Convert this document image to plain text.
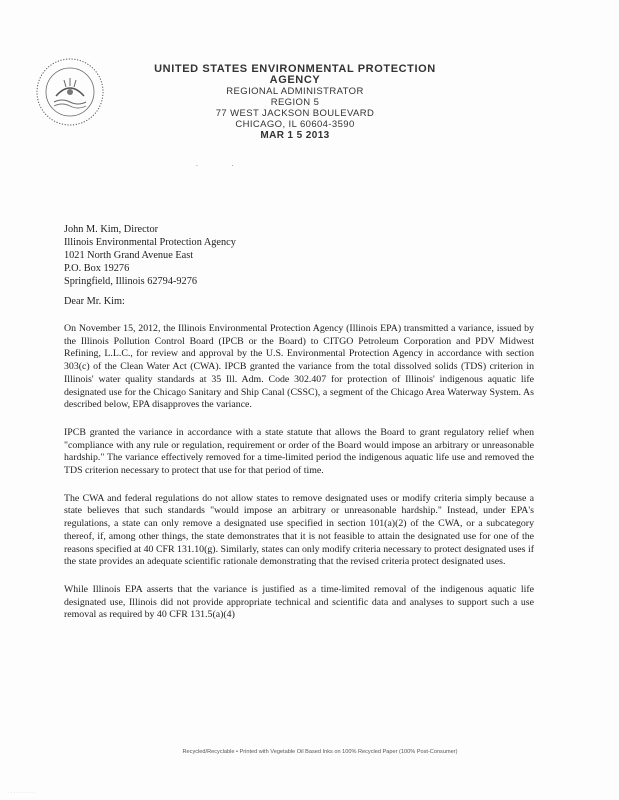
UNITED STATES ENVIRONMENTAL PROTECTION AGENCY
REGIONAL ADMINISTRATOR
REGION 5
77 WEST JACKSON BOULEVARD
CHICAGO, IL 60604-3590
MAR 1 5 2013
.	.
John M. Kim, Director
Illinois Environmental Protection Agency
1021 North Grand Avenue East
P.O. Box 19276
Springfield, Illinois 62794-9276
Dear Mr. Kim:

On November 15, 2012, the Illinois Environmental Protection Agency (Illinois EPA) transmitted a variance, issued by the Illinois Pollution Control Board (IPCB or the Board) to CITGO Petroleum Corporation and PDV Midwest Refining, L.L.C., for review and approval by the U.S. Environmental Protection Agency in accordance with section 303(c) of the Clean Water Act (CWA). IPCB granted the variance from the total dissolved solids (TDS) criterion in Illinois' water quality standards at 35 Ill. Adm. Code 302.407 for protection of Illinois' indigenous aquatic life designated use for the Chicago Sanitary and Ship Canal (CSSC), a segment of the Chicago Area Waterway System. As described below, EPA disapproves the variance.

IPCB granted the variance in accordance with a state statute that allows the Board to grant regulatory relief when "compliance with any rule or regulation, requirement or order of the Board would impose an arbitrary or unreasonable hardship." The variance effectively removed for a time-limited period the indigenous aquatic life use and removed the TDS criterion necessary to protect that use for that period of time.

The CWA and federal regulations do not allow states to remove designated uses or modify criteria simply because a state believes that such standards "would impose an arbitrary or unreasonable hardship." Instead, under EPA's regulations, a state can only remove a designated use specified in section 101(a)(2) of the CWA, or a subcategory thereof, if, among other things, the state demonstrates that it is not feasible to attain the designated use for one of the reasons specified at 40 CFR 131.10(g). Similarly, states can only modify criteria necessary to protect designated uses if the state provides an adequate scientific rationale demonstrating that the revised criteria protect designated uses.

While Illinois EPA asserts that the variance is justified as a time-limited removal of the indigenous aquatic life designated use, Illinois did not provide appropriate technical and scientific data and analyses to support such a use removal as required by 40 CFR 131.5(a)(4)

Recycled/Recyclable • Printed with Vegetable Oil Based Inks on 100% Recycled Paper (100% Post-Consumer)
· · · · · · · · · ·
